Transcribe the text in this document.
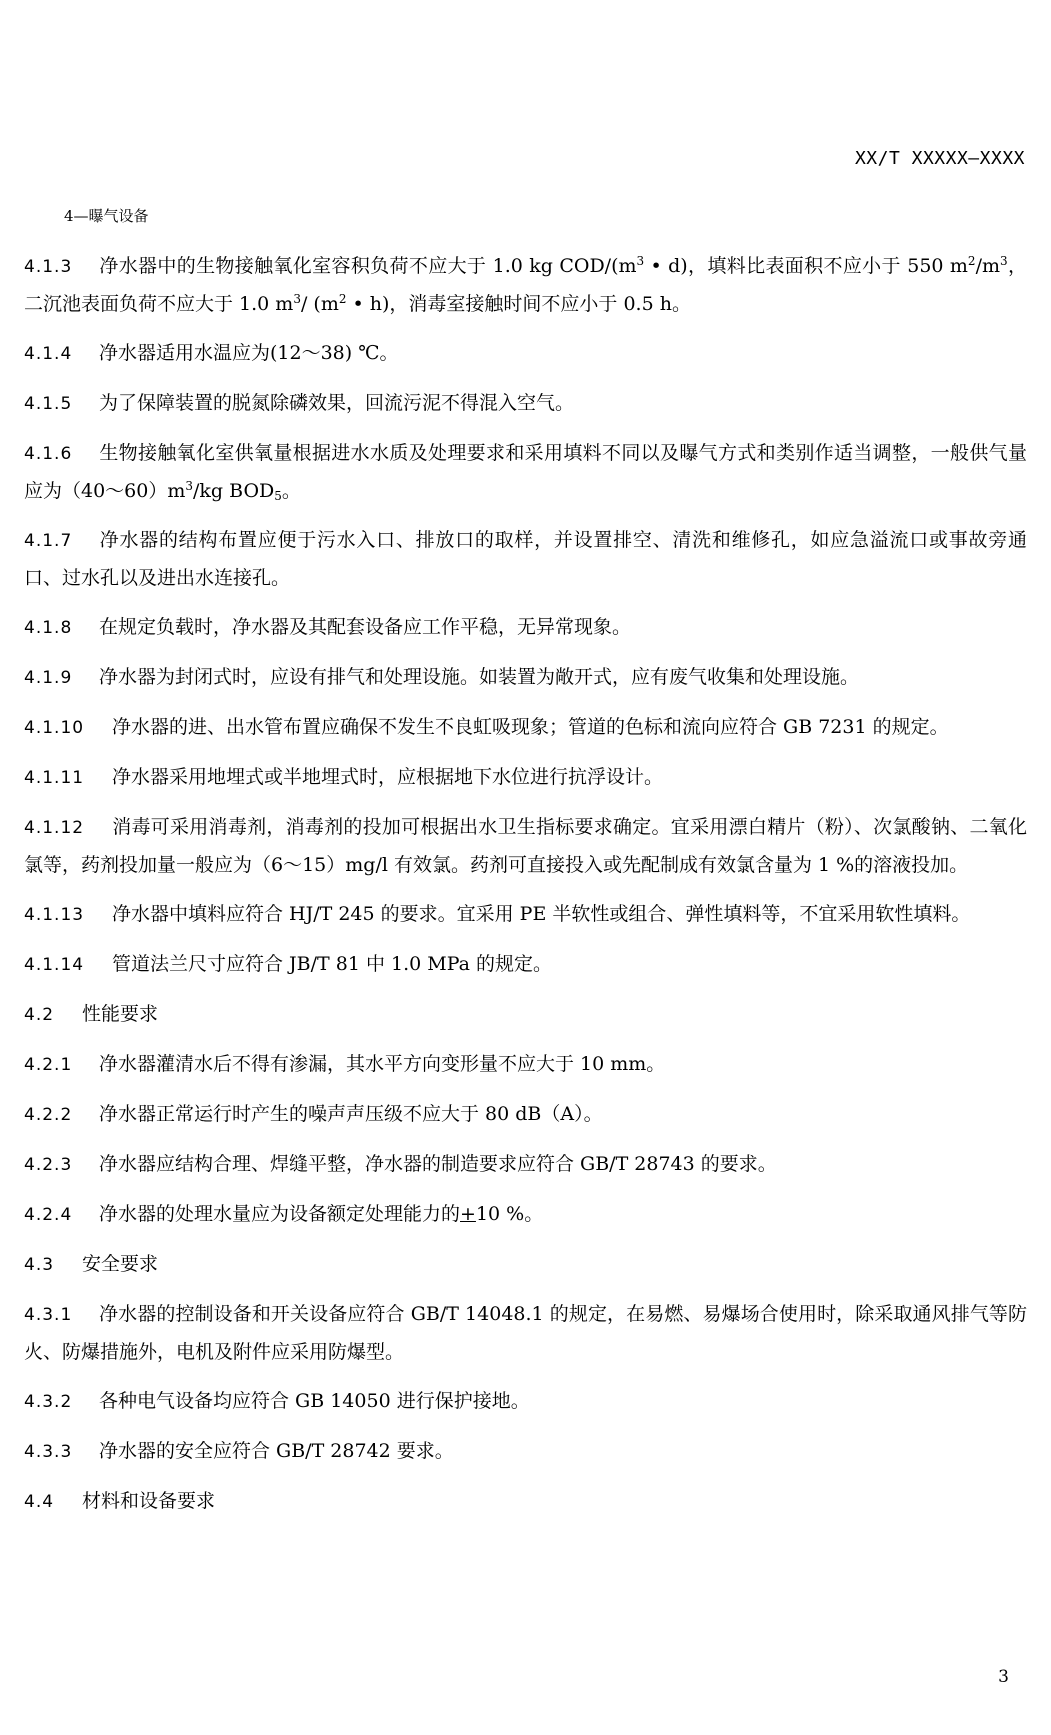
XX/T XXXXX—XXXX
4—曝气设备

4.1.3 净水器中的生物接触氧化室容积负荷不应大于 1.0 kg COD/($m^3$ • d)，填料比表面积不应小于 550 $m^2/m^3$，二沉池表面负荷不应大于 1.0 $m^3/$ ($m^2$ • h)，消毒室接触时间不应小于 0.5 h。

4.1.4 净水器适用水温应为(12～38) ℃。

4.1.5 为了保障装置的脱氮除磷效果，回流污泥不得混入空气。

4.1.6 生物接触氧化室供氧量根据进水水质及处理要求和采用填料不同以及曝气方式和类别作适当调整，一般供气量应为$(40\sim 60)m^3/kg$ $BOD_5$。

4.1.7 净水器的结构布置应便于污水入口、排放口的取样，并设置排空、清洗和维修孔，如应急溢流口或事故旁通口、过水孔以及进出水连接孔。

4.1.8 在规定负载时，净水器及其配套设备应工作平稳，无异常现象。

4.1.9 净水器为封闭式时，应设有排气和处理设施。如装置为敞开式，应有废气收集和处理设施。

4.1.10 净水器的进、出水管布置应确保不发生不良虹吸现象；管道的色标和流向应符合 GB 7231 的规定。

4.1.11 净水器采用地埋式或半地埋式时，应根据地下水位进行抗浮设计。

4.1.12 消毒可采用消毒剂，消毒剂的投加可根据出水卫生指标要求确定。宜采用漂白精片（粉）、次氯酸钠、二氧化氯等，药剂投加量一般应为（6～15）mg/l 有效氯。药剂可直接投入或先配制成有效氯含量为 1 %的溶液投加。

4.1.13 净水器中填料应符合 HJ/T 245 的要求。宜采用 PE 半软性或组合、弹性填料等，不宜采用软性填料。

4.1.14 管道法兰尺寸应符合 JB/T 81 中 1.0 MPa 的规定。

4.2 性能要求

4.2.1 净水器灌清水后不得有渗漏，其水平方向变形量不应大于 10 mm。

4.2.2 净水器正常运行时产生的噪声声压级不应大于 80 dB（A）。

4.2.3 净水器应结构合理、焊缝平整，净水器的制造要求应符合 GB/T 28743 的要求。

4.2.4 净水器的处理水量应为设备额定处理能力的+10 %。

4.3 安全要求

4.3.1 净水器的控制设备和开关设备应符合 GB/T 14048.1 的规定，在易燃、易爆场合使用时，除采取通风排气等防火、防爆措施外，电机及附件应采用防爆型。

4.3.2 各种电气设备均应符合 GB 14050 进行保护接地。

4.3.3 净水器的安全应符合 GB/T 28742 要求。

4.4 材料和设备要求

3
